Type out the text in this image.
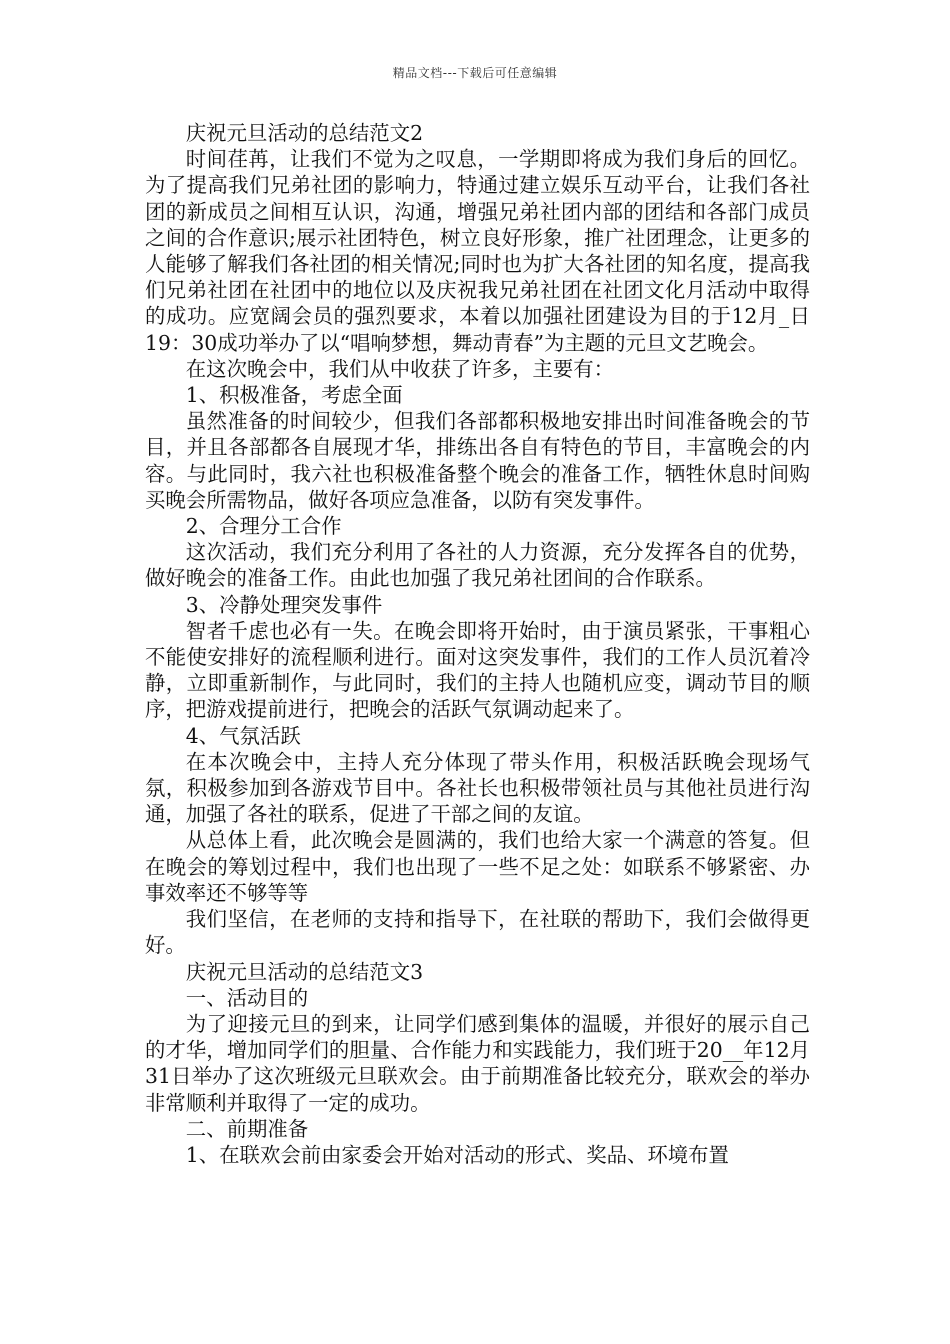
精品文档---下载后可任意编辑

庆祝元旦活动的总结范文2

时间荏苒，让我们不觉为之叹息，一学期即将成为我们身后的回忆。为了提高我们兄弟社团的影响力，特通过建立娱乐互动平台，让我们各社团的新成员之间相互认识，沟通，增强兄弟社团内部的团结和各部门成员之间的合作意识;展示社团特色，树立良好形象，推广社团理念，让更多的人能够了解我们各社团的相关情况;同时也为扩大各社团的知名度，提高我们兄弟社团在社团中的地位以及庆祝我兄弟社团在社团文化月活动中取得的成功。应宽阔会员的强烈要求，本着以加强社团建设为目的于12月_日19：30成功举办了以“唱响梦想，舞动青春”为主题的元旦文艺晚会。

在这次晚会中，我们从中收获了许多，主要有：

1、积极准备，考虑全面

虽然准备的时间较少，但我们各部都积极地安排出时间准备晚会的节目，并且各部都各自展现才华，排练出各自有特色的节目，丰富晚会的内容。与此同时，我六社也积极准备整个晚会的准备工作，牺牲休息时间购买晚会所需物品，做好各项应急准备，以防有突发事件。

2、合理分工合作

这次活动，我们充分利用了各社的人力资源，充分发挥各自的优势，做好晚会的准备工作。由此也加强了我兄弟社团间的合作联系。

3、冷静处理突发事件

智者千虑也必有一失。在晚会即将开始时，由于演员紧张，干事粗心不能使安排好的流程顺利进行。面对这突发事件，我们的工作人员沉着冷静，立即重新制作，与此同时，我们的主持人也随机应变，调动节目的顺序，把游戏提前进行，把晚会的活跃气氛调动起来了。

4、气氛活跃

在本次晚会中，主持人充分体现了带头作用，积极活跃晚会现场气氛，积极参加到各游戏节目中。各社长也积极带领社员与其他社员进行沟通，加强了各社的联系，促进了干部之间的友谊。

从总体上看，此次晚会是圆满的，我们也给大家一个满意的答复。但在晚会的筹划过程中，我们也出现了一些不足之处：如联系不够紧密、办事效率还不够等等

我们坚信，在老师的支持和指导下，在社联的帮助下，我们会做得更好。

庆祝元旦活动的总结范文3

一、活动目的

为了迎接元旦的到来，让同学们感到集体的温暖，并很好的展示自己的才华，增加同学们的胆量、合作能力和实践能力，我们班于20__年12月31日举办了这次班级元旦联欢会。由于前期准备比较充分，联欢会的举办非常顺利并取得了一定的成功。

二、前期准备

1、在联欢会前由家委会开始对活动的形式、奖品、环境布置
